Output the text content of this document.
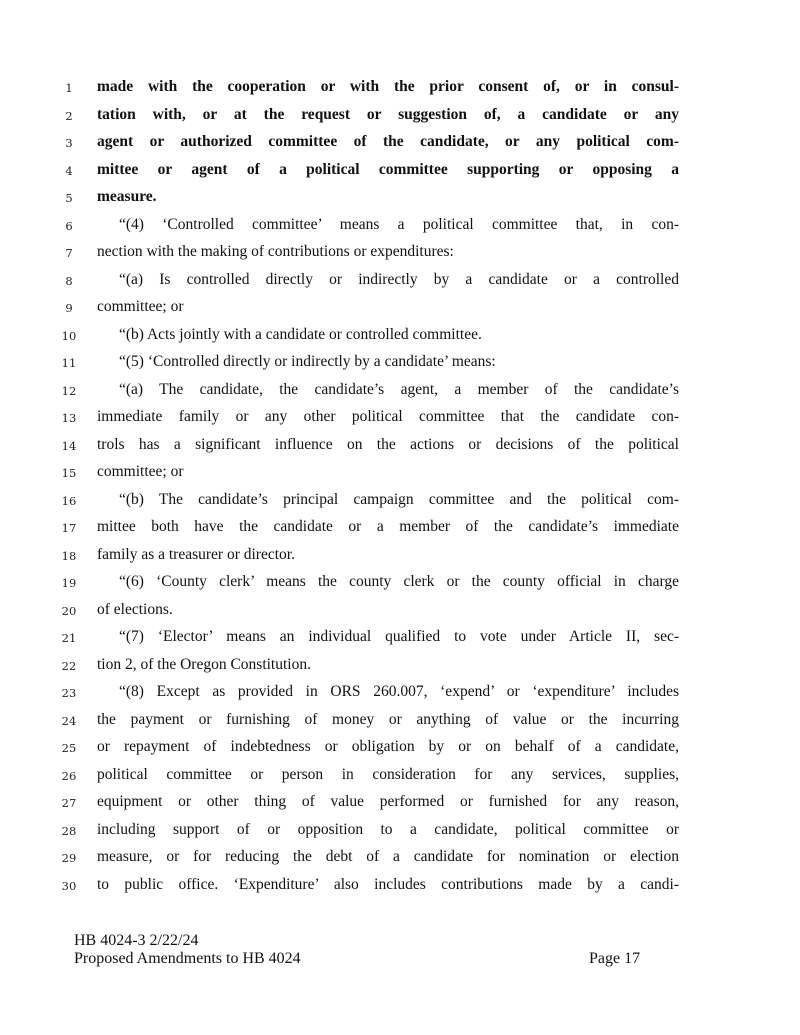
1	made with the cooperation or with the prior consent of, or in consul-
2	tation with, or at the request or suggestion of, a candidate or any
3	agent or authorized committee of the candidate, or any political com-
4	mittee or agent of a political committee supporting or opposing a
5	measure.
6	“(4) ‘Controlled committee’ means a political committee that, in con-
7	nection with the making of contributions or expenditures:
8	“(a) Is controlled directly or indirectly by a candidate or a controlled
9	committee; or
10	“(b) Acts jointly with a candidate or controlled committee.
11	“(5) ‘Controlled directly or indirectly by a candidate’ means:
12	“(a) The candidate, the candidate’s agent, a member of the candidate’s
13	immediate family or any other political committee that the candidate con-
14	trols has a significant influence on the actions or decisions of the political
15	committee; or
16	“(b) The candidate’s principal campaign committee and the political com-
17	mittee both have the candidate or a member of the candidate’s immediate
18	family as a treasurer or director.
19	“(6) ‘County clerk’ means the county clerk or the county official in charge
20	of elections.
21	“(7) ‘Elector’ means an individual qualified to vote under Article II, sec-
22	tion 2, of the Oregon Constitution.
23	“(8) Except as provided in ORS 260.007, ‘expend’ or ‘expenditure’ includes
24	the payment or furnishing of money or anything of value or the incurring
25	or repayment of indebtedness or obligation by or on behalf of a candidate,
26	political committee or person in consideration for any services, supplies,
27	equipment or other thing of value performed or furnished for any reason,
28	including support of or opposition to a candidate, political committee or
29	measure, or for reducing the debt of a candidate for nomination or election
30	to public office. ‘Expenditure’ also includes contributions made by a candi-
HB 4024-3 2/22/24
Proposed Amendments to HB 4024	Page 17
